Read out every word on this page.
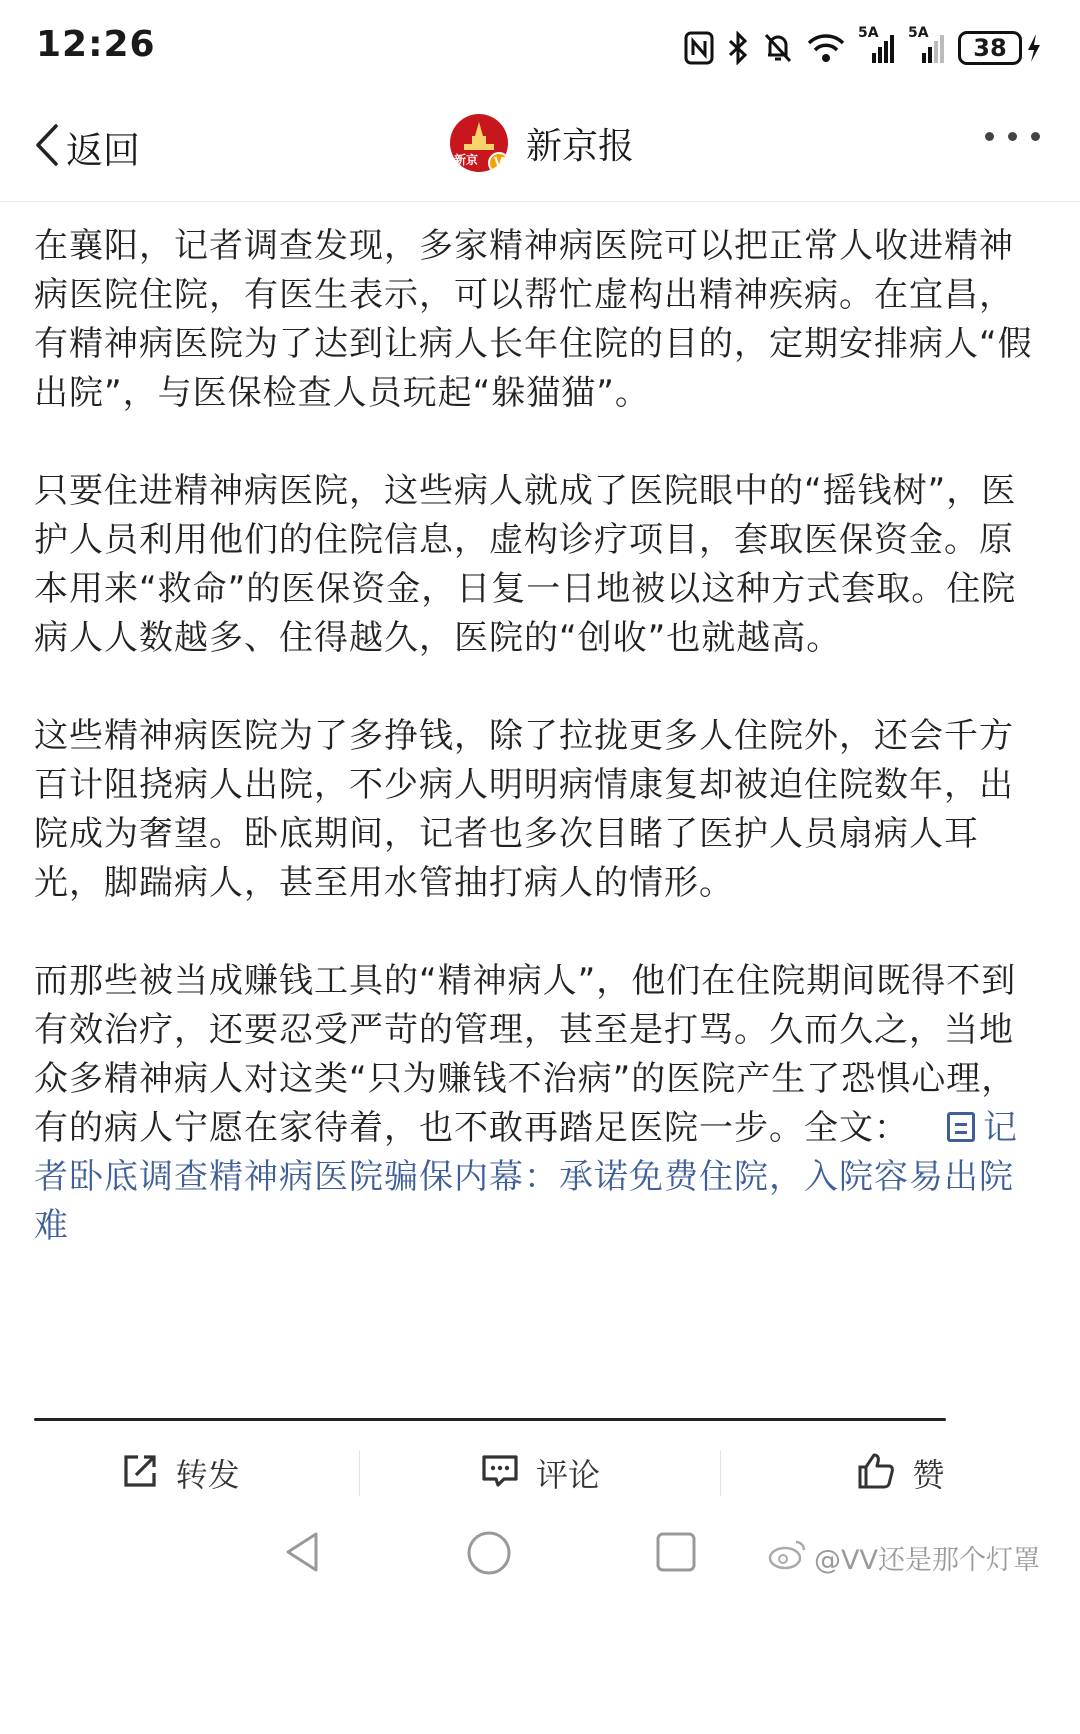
12:26	5A 5A
38
返回	新京	V 新京报

在襄阳，记者调查发现，多家精神病医院可以把正常人收进精神病医院住院，有医生表示，可以帮忙虚构出精神疾病。在宜昌，有精神病医院为了达到让病人长年住院的目的，定期安排病人“假出院”，与医保检查人员玩起“躲猫猫”。

只要住进精神病医院，这些病人就成了医院眼中的“摇钱树”，医护人员利用他们的住院信息，虚构诊疗项目，套取医保资金。原本用来“救命”的医保资金，日复一日地被以这种方式套取。住院病人人数越多、住得越久，医院的“创收”也就越高。

这些精神病医院为了多挣钱，除了拉拢更多人住院外，还会千方百计阻挠病人出院，不少病人明明病情康复却被迫住院数年，出院成为奢望。卧底期间，记者也多次目睹了医护人员扇病人耳光，脚踹病人，甚至用水管抽打病人的情形。

而那些被当成赚钱工具的“精神病人”，他们在住院期间既得不到有效治疗，还要忍受严苛的管理，甚至是打骂。久而久之，当地众多精神病人对这类“只为赚钱不治病”的医院产生了恐惧心理，有的病人宁愿在家待着，也不敢再踏足医院一步。全文： 记者卧底调查精神病医院骗保内幕：承诺免费住院，入院容易出院难

转发	评论	赞
@VV还是那个灯罩
